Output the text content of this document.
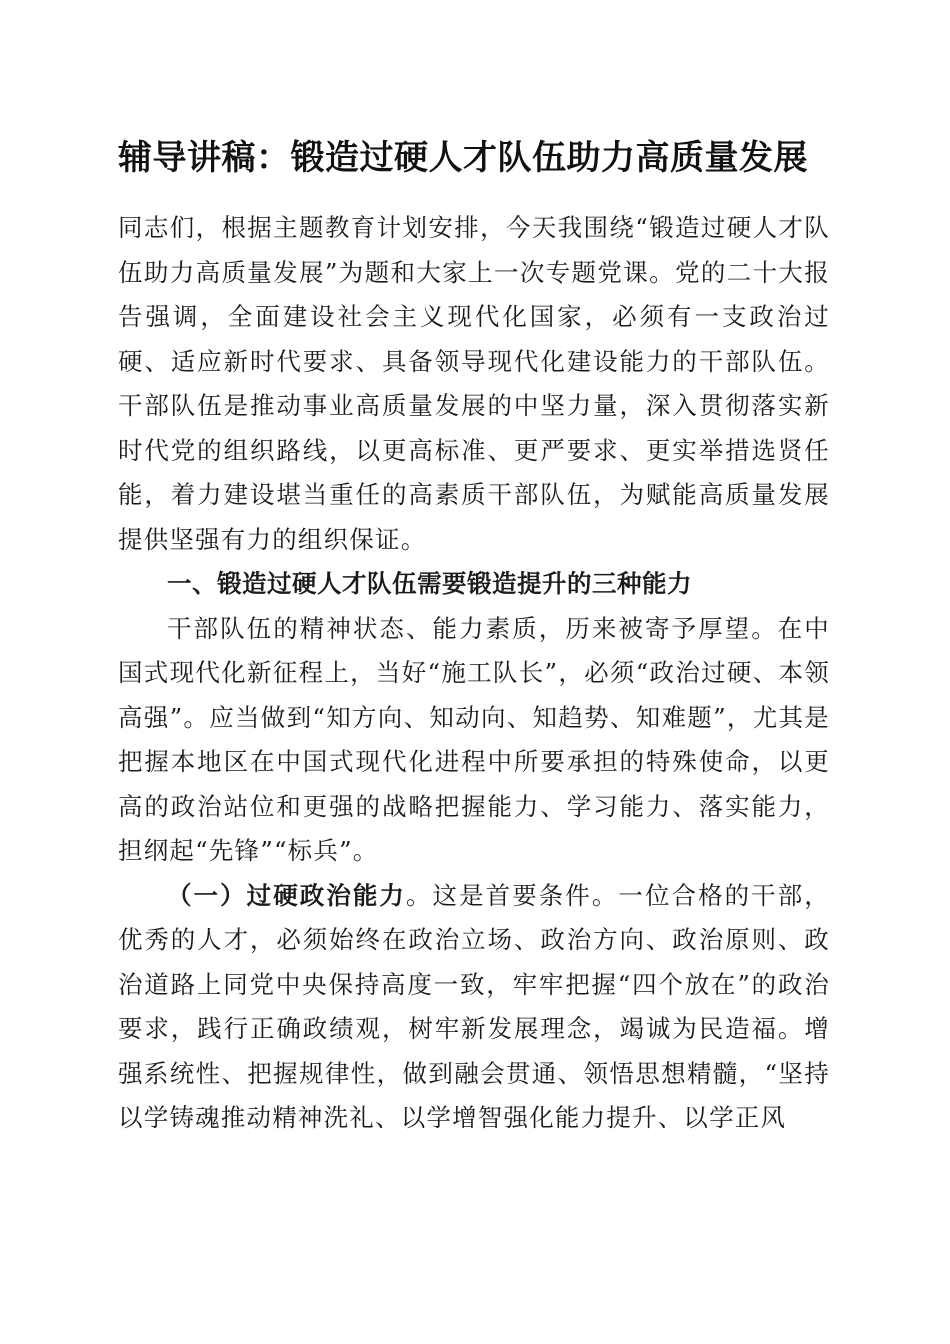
辅导讲稿：锻造过硬人才队伍助力高质量发展

同志们，根据主题教育计划安排，今天我围绕“锻造过硬人才队伍助力高质量发展”为题和大家上一次专题党课。党的二十大报告强调，全面建设社会主义现代化国家，必须有一支政治过硬、适应新时代要求、具备领导现代化建设能力的干部队伍。干部队伍是推动事业高质量发展的中坚力量，深入贯彻落实新时代党的组织路线，以更高标准、更严要求、更实举措选贤任能，着力建设堪当重任的高素质干部队伍，为赋能高质量发展提供坚强有力的组织保证。

一、锻造过硬人才队伍需要锻造提升的三种能力

干部队伍的精神状态、能力素质，历来被寄予厚望。在中国式现代化新征程上，当好“施工队长”，必须“政治过硬、本领高强”。应当做到“知方向、知动向、知趋势、知难题”，尤其是把握本地区在中国式现代化进程中所要承担的特殊使命，以更高的政治站位和更强的战略把握能力、学习能力、落实能力，担纲起“先锋”“标兵”。

（一）过硬政治能力。这是首要条件。一位合格的干部，优秀的人才，必须始终在政治立场、政治方向、政治原则、政治道路上同党中央保持高度一致，牢牢把握“四个放在”的政治要求，践行正确政绩观，树牢新发展理念，竭诚为民造福。增强系统性、把握规律性，做到融会贯通、领悟思想精髓，“坚持以学铸魂推动精神洗礼、以学增智强化能力提升、以学正风
